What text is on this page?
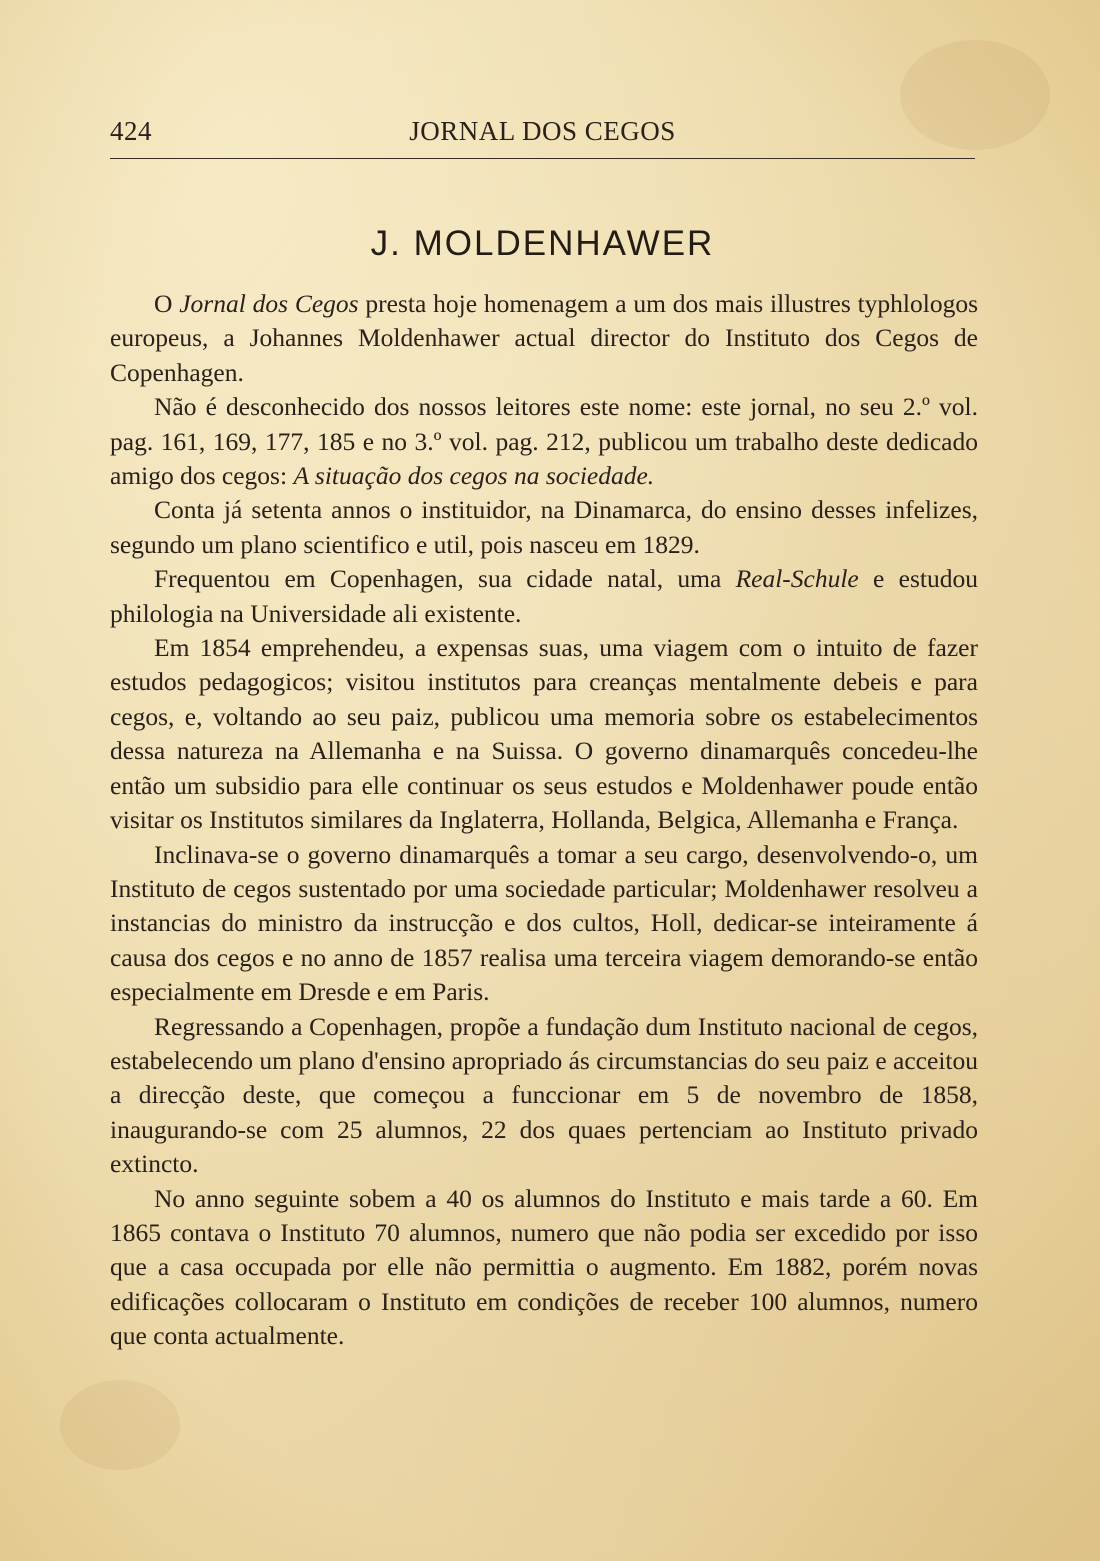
424	JORNAL DOS CEGOS
J. MOLDENHAWER

O Jornal dos Cegos presta hoje homenagem a um dos mais illustres typhlologos europeus, a Johannes Moldenhawer actual director do Instituto dos Cegos de Copenhagen.

Não é desconhecido dos nossos leitores este nome: este jornal, no seu 2.º vol. pag. 161, 169, 177, 185 e no 3.º vol. pag. 212, publicou um trabalho deste dedicado amigo dos cegos: A situação dos cegos na sociedade.

Conta já setenta annos o instituidor, na Dinamarca, do ensino desses infelizes, segundo um plano scientifico e util, pois nasceu em 1829.

Frequentou em Copenhagen, sua cidade natal, uma Real-Schule e estudou philologia na Universidade ali existente.

Em 1854 emprehendeu, a expensas suas, uma viagem com o intuito de fazer estudos pedagogicos; visitou institutos para creanças mentalmente debeis e para cegos, e, voltando ao seu paiz, publicou uma memoria sobre os estabelecimentos dessa natureza na Allemanha e na Suissa. O governo dinamarquês concedeu-lhe então um subsidio para elle continuar os seus estudos e Moldenhawer poude então visitar os Institutos similares da Inglaterra, Hollanda, Belgica, Allemanha e França.

Inclinava-se o governo dinamarquês a tomar a seu cargo, desenvolvendo-o, um Instituto de cegos sustentado por uma sociedade particular; Moldenhawer resolveu a instancias do ministro da instrucção e dos cultos, Holl, dedicar-se inteiramente á causa dos cegos e no anno de 1857 realisa uma terceira viagem demorando-se então especialmente em Dresde e em Paris.

Regressando a Copenhagen, propõe a fundação dum Instituto nacional de cegos, estabelecendo um plano d'ensino apropriado ás circumstancias do seu paiz e acceitou a direcção deste, que começou a funccionar em 5 de novembro de 1858, inaugurando-se com 25 alumnos, 22 dos quaes pertenciam ao Instituto privado extincto.

No anno seguinte sobem a 40 os alumnos do Instituto e mais tarde a 60. Em 1865 contava o Instituto 70 alumnos, numero que não podia ser excedido por isso que a casa occupada por elle não permittia o augmento. Em 1882, porém novas edificações collocaram o Instituto em condições de receber 100 alumnos, numero que conta actualmente.
